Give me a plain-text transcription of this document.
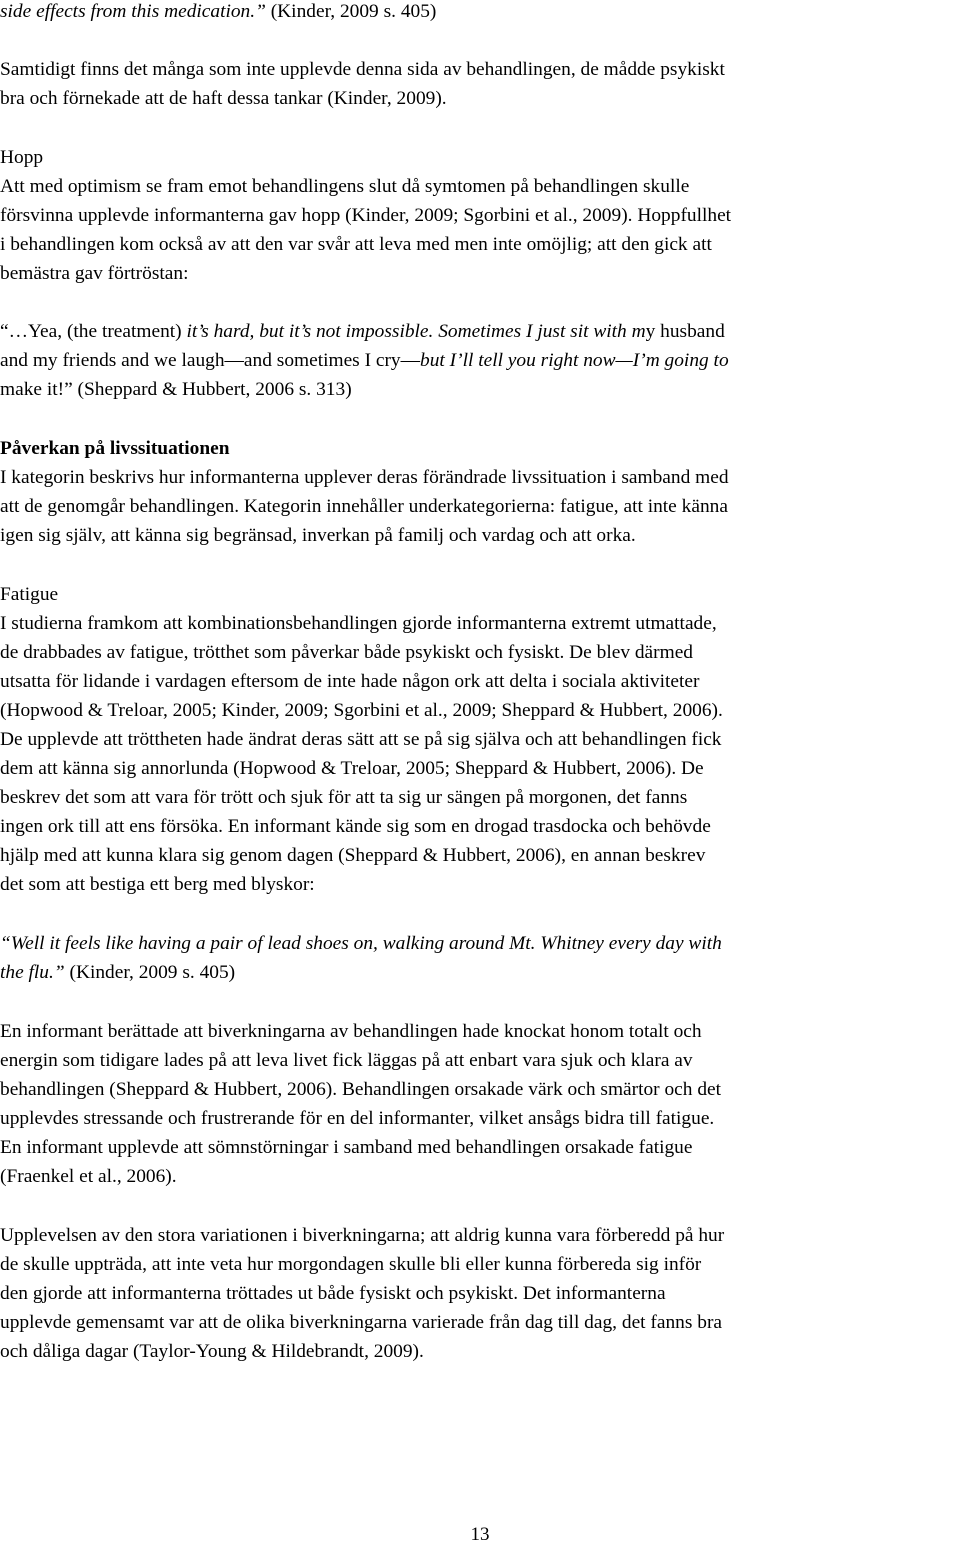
side effects from this medication.” (Kinder, 2009 s. 405)
Samtidigt finns det många som inte upplevde denna sida av behandlingen, de mådde psykiskt
bra och förnekade att de haft dessa tankar (Kinder, 2009).
Hopp
Att med optimism se fram emot behandlingens slut då symtomen på behandlingen skulle
försvinna upplevde informanterna gav hopp (Kinder, 2009; Sgorbini et al., 2009). Hoppfullhet
i behandlingen kom också av att den var svår att leva med men inte omöjlig; att den gick att
bemästra gav förtröstan:
“…Yea, (the treatment) it’s hard, but it’s not impossible. Sometimes I just sit with my husband
and my friends and we laugh—and sometimes I cry—but I’ll tell you right now—I’m going to
make it!” (Sheppard & Hubbert, 2006 s. 313)
Påverkan på livssituationen
I kategorin beskrivs hur informanterna upplever deras förändrade livssituation i samband med
att de genomgår behandlingen. Kategorin innehåller underkategorierna: fatigue, att inte känna
igen sig själv, att känna sig begränsad, inverkan på familj och vardag och att orka.
Fatigue
I studierna framkom att kombinationsbehandlingen gjorde informanterna extremt utmattade,
de drabbades av fatigue, trötthet som påverkar både psykiskt och fysiskt. De blev därmed
utsatta för lidande i vardagen eftersom de inte hade någon ork att delta i sociala aktiviteter
(Hopwood & Treloar, 2005; Kinder, 2009; Sgorbini et al., 2009; Sheppard & Hubbert, 2006).
De upplevde att tröttheten hade ändrat deras sätt att se på sig själva och att behandlingen fick
dem att känna sig annorlunda (Hopwood & Treloar, 2005; Sheppard & Hubbert, 2006). De
beskrev det som att vara för trött och sjuk för att ta sig ur sängen på morgonen, det fanns
ingen ork till att ens försöka. En informant kände sig som en drogad trasdocka och behövde
hjälp med att kunna klara sig genom dagen (Sheppard & Hubbert, 2006), en annan beskrev
det som att bestiga ett berg med blyskor:
“Well it feels like having a pair of lead shoes on, walking around Mt. Whitney every day with
the flu.” (Kinder, 2009 s. 405)
En informant berättade att biverkningarna av behandlingen hade knockat honom totalt och
energin som tidigare lades på att leva livet fick läggas på att enbart vara sjuk och klara av
behandlingen (Sheppard & Hubbert, 2006). Behandlingen orsakade värk och smärtor och det
upplevdes stressande och frustrerande för en del informanter, vilket ansågs bidra till fatigue.
En informant upplevde att sömnstörningar i samband med behandlingen orsakade fatigue
(Fraenkel et al., 2006).
Upplevelsen av den stora variationen i biverkningarna; att aldrig kunna vara förberedd på hur
de skulle uppträda, att inte veta hur morgondagen skulle bli eller kunna förbereda sig inför
den gjorde att informanterna tröttades ut både fysiskt och psykiskt. Det informanterna
upplevde gemensamt var att de olika biverkningarna varierade från dag till dag, det fanns bra
och dåliga dagar (Taylor-Young & Hildebrandt, 2009).
13
